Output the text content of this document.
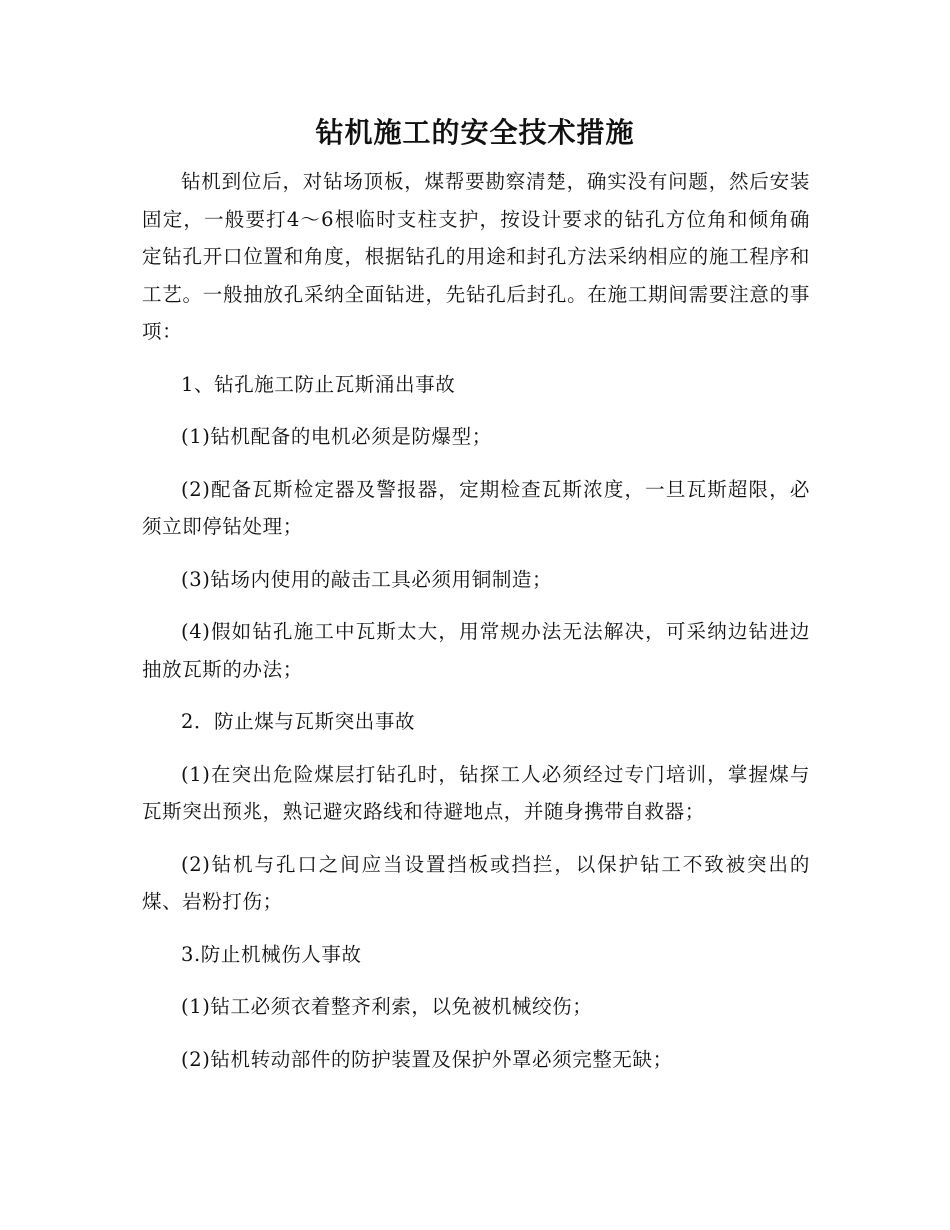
钻机施工的安全技术措施

钻机到位后，对钻场顶板，煤帮要勘察清楚，确实没有问题，然后安装固定，一般要打4～6根临时支柱支护，按设计要求的钻孔方位角和倾角确定钻孔开口位置和角度，根据钻孔的用途和封孔方法采纳相应的施工程序和工艺。一般抽放孔采纳全面钻进，先钻孔后封孔。在施工期间需要注意的事项：

1、钻孔施工防止瓦斯涌出事故

(1)钻机配备的电机必须是防爆型；

(2)配备瓦斯检定器及警报器，定期检查瓦斯浓度，一旦瓦斯超限，必须立即停钻处理；

(3)钻场内使用的敲击工具必须用铜制造；

(4)假如钻孔施工中瓦斯太大，用常规办法无法解决，可采纳边钻进边抽放瓦斯的办法；

2．防止煤与瓦斯突出事故

(1)在突出危险煤层打钻孔时，钻探工人必须经过专门培训，掌握煤与瓦斯突出预兆，熟记避灾路线和待避地点，并随身携带自救器；

(2)钻机与孔口之间应当设置挡板或挡拦，以保护钻工不致被突出的煤、岩粉打伤；

3.防止机械伤人事故

(1)钻工必须衣着整齐利索，以免被机械绞伤；

(2)钻机转动部件的防护装置及保护外罩必须完整无缺；
